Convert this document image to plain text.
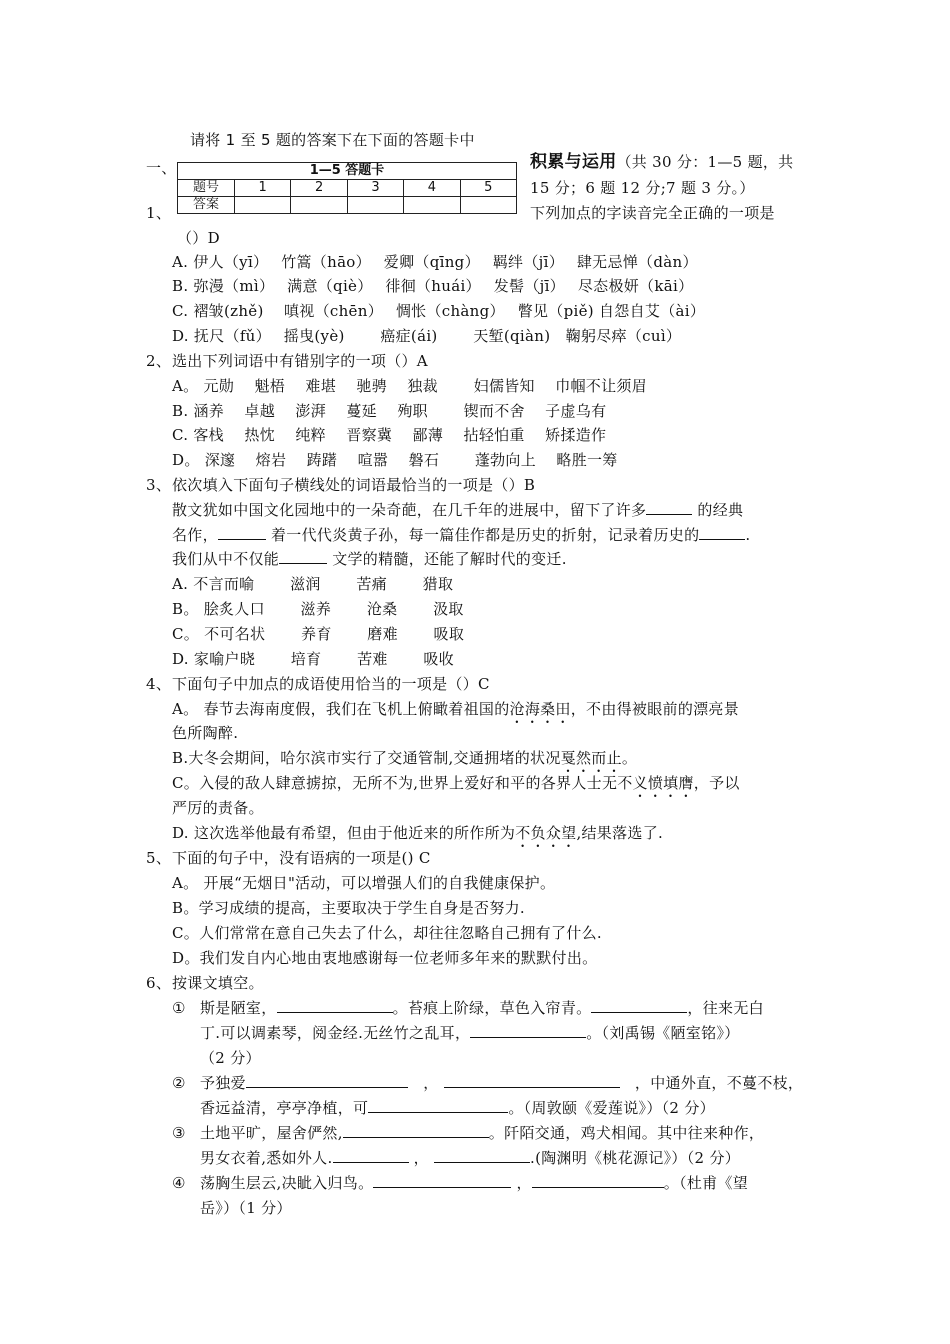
请将 1 至 5 题的答案下在下面的答题卡中
一、	1—5 答题卡					
题号	1	2	3	4	5
答案					
积累与运用（共 30 分：1—5 题，共
15 分；6 题 12 分;7 题 3 分。）
1、	下列加点的字读音完全正确的一项是
（）D
A. 伊人（yī）　 竹篙（hāo）　 爱卿（qīng）　 羁绊（jī）　 肆无忌惮（dàn）
B. 弥漫（mì）　 满意（qiè）　 徘徊（huái）　 发髻（jī）　 尽态极妍（kāi）
C. 褶皱(zhě)　 嗔视（chēn）　 惆怅（chàng）　 瞥见（piě) 自怨自艾（ài）
D. 抚尺（fǔ）　 摇曳(yè)　　 癌症(ái)　　 天堑(qiàn)　鞠躬尽瘁（cuì）
2、 选出下列词语中有错别字的一项（）A
A。 元勋　 魁梧　 难堪　 驰骋　 独裁　　 妇儒皆知　 巾帼不让须眉
B. 涵养　 卓越　 澎湃　 蔓延　 殉职　　 锲而不舍　 子虚乌有
C. 客栈　 热忱　 纯粹　 晋察冀　 鄙薄　 拈轻怕重　 矫揉造作
D。 深邃　 熔岩　 踌躇　 喧嚣　 磐石　　 蓬勃向上　 略胜一筹
3、 依次填入下面句子横线处的词语最恰当的一项是（）B
散文犹如中国文化园地中的一朵奇葩，在几千年的进展中，留下了许多	的经典
名作，	着一代代炎黄子孙，每一篇佳作都是历史的折射，记录着历史的	.
我们从中不仅能	文学的精髓，还能了解时代的变迁.
A. 不言而喻　　 滋润　　 苦痛　　 猎取
B。 脍炙人口　　 滋养　　 沧桑　　 汲取
C。 不可名状　　 养育　　 磨难　　 吸取
D. 家喻户晓　　 培育　　 苦难　　 吸收
4、 下面句子中加点的成语使用恰当的一项是（）C
A。 春节去海南度假，我们在飞机上俯瞰着祖国的沧海桑田，不由得被眼前的漂亮景
色所陶醉.
B.大冬会期间，哈尔滨市实行了交通管制,交通拥堵的状况戛然而止。
C。入侵的敌人肆意掳掠，无所不为,世界上爱好和平的各界人士无不义愤填膺，予以
严厉的责备。
D. 这次选举他最有希望，但由于他近来的所作所为不负众望,结果落选了.
5、 下面的句子中，没有语病的一项是() C
A。 开展“无烟日"活动，可以增强人们的自我健康保护。
B。学习成绩的提高，主要取决于学生自身是否努力.
C。人们常常在意自己失去了什么，却往往忽略自己拥有了什么.
D。我们发自内心地由衷地感谢每一位老师多年来的默默付出。
6、 按课文填空。
① 斯是陋室，	。苔痕上阶绿，草色入帘青。	，往来无白
丁.可以调素琴，阅金经.无丝竹之乱耳，	。（刘禹锡《陋室铭》）
（2 分）
② 予独爱　	， 　	，中通外直，不蔓不枝，
香远益清，亭亭净植，可	。（周敦颐《爱莲说》）（2 分）
③ 土地平旷，屋舍俨然,	。阡陌交通，鸡犬相闻。其中往来种作，
男女衣着,悉如外人.	，	.(陶渊明《桃花源记》）（2 分）
④ 荡胸生层云,决眦入归鸟。	，	。（杜甫《望
岳》）（1 分）
